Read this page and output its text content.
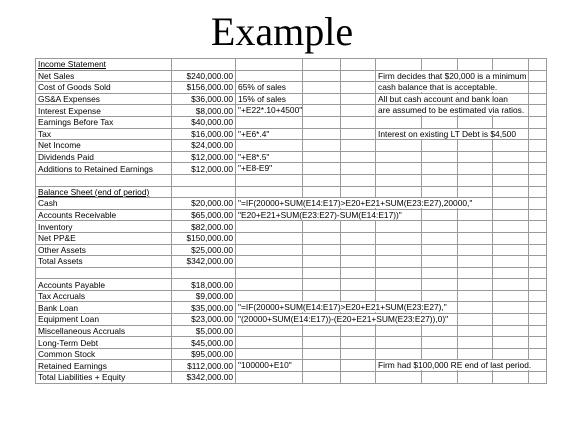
Example
Income Statement									
Net Sales	$240,000.00				Firm decides that $20,000 is a minimum				

Cost of Goods Sold	$156,000.00	65% of sales			cash balance that is acceptable.				

GS&A Expenses	$36,000.00	15% of sales			All but cash account and bank loan				

Interest Expense	$8,000.00	"+E22*.10+4500"			are assumed to be estimated via ratios.				

Earnings Before Tax	$40,000.00								
Tax	$16,000.00	"+E6*.4"			Interest on existing LT Debt is $4,500				

Net Income	$24,000.00								
Dividends Paid	$12,000.00	"+E8*.5"							

Additions to Retained Earnings	$12,000.00	"+E8-E9"							

Balance Sheet (end of period)									
Cash	$20,000.00	"=IF(20000+SUM(E14:E17)>E20+E21+SUM(E23:E27),20000,"							

Accounts Receivable	$65,000.00	"E20+E21+SUM(E23:E27)-SUM(E14:E17))"							

Inventory	$82,000.00								
Net PP&E	$150,000.00								
Other Assets	$25,000.00								
Total Assets	$342,000.00								

Accounts Payable	$18,000.00								
Tax Accruals	$9,000.00								
Bank Loan	$35,000.00	"=IF(20000+SUM(E14:E17)>E20+E21+SUM(E23:E27),"							

Equipment Loan	$23,000.00	"(20000+SUM(E14:E17))-(E20+E21+SUM(E23:E27)),0)"							

Miscellaneous Accruals	$5,000.00								
Long-Term Debt	$45,000.00								
Common Stock	$95,000.00								
Retained Earnings	$112,000.00	"100000+E10"			Firm had $100,000 RE end of last period.				

Total Liabilities + Equity	$342,000.00								
